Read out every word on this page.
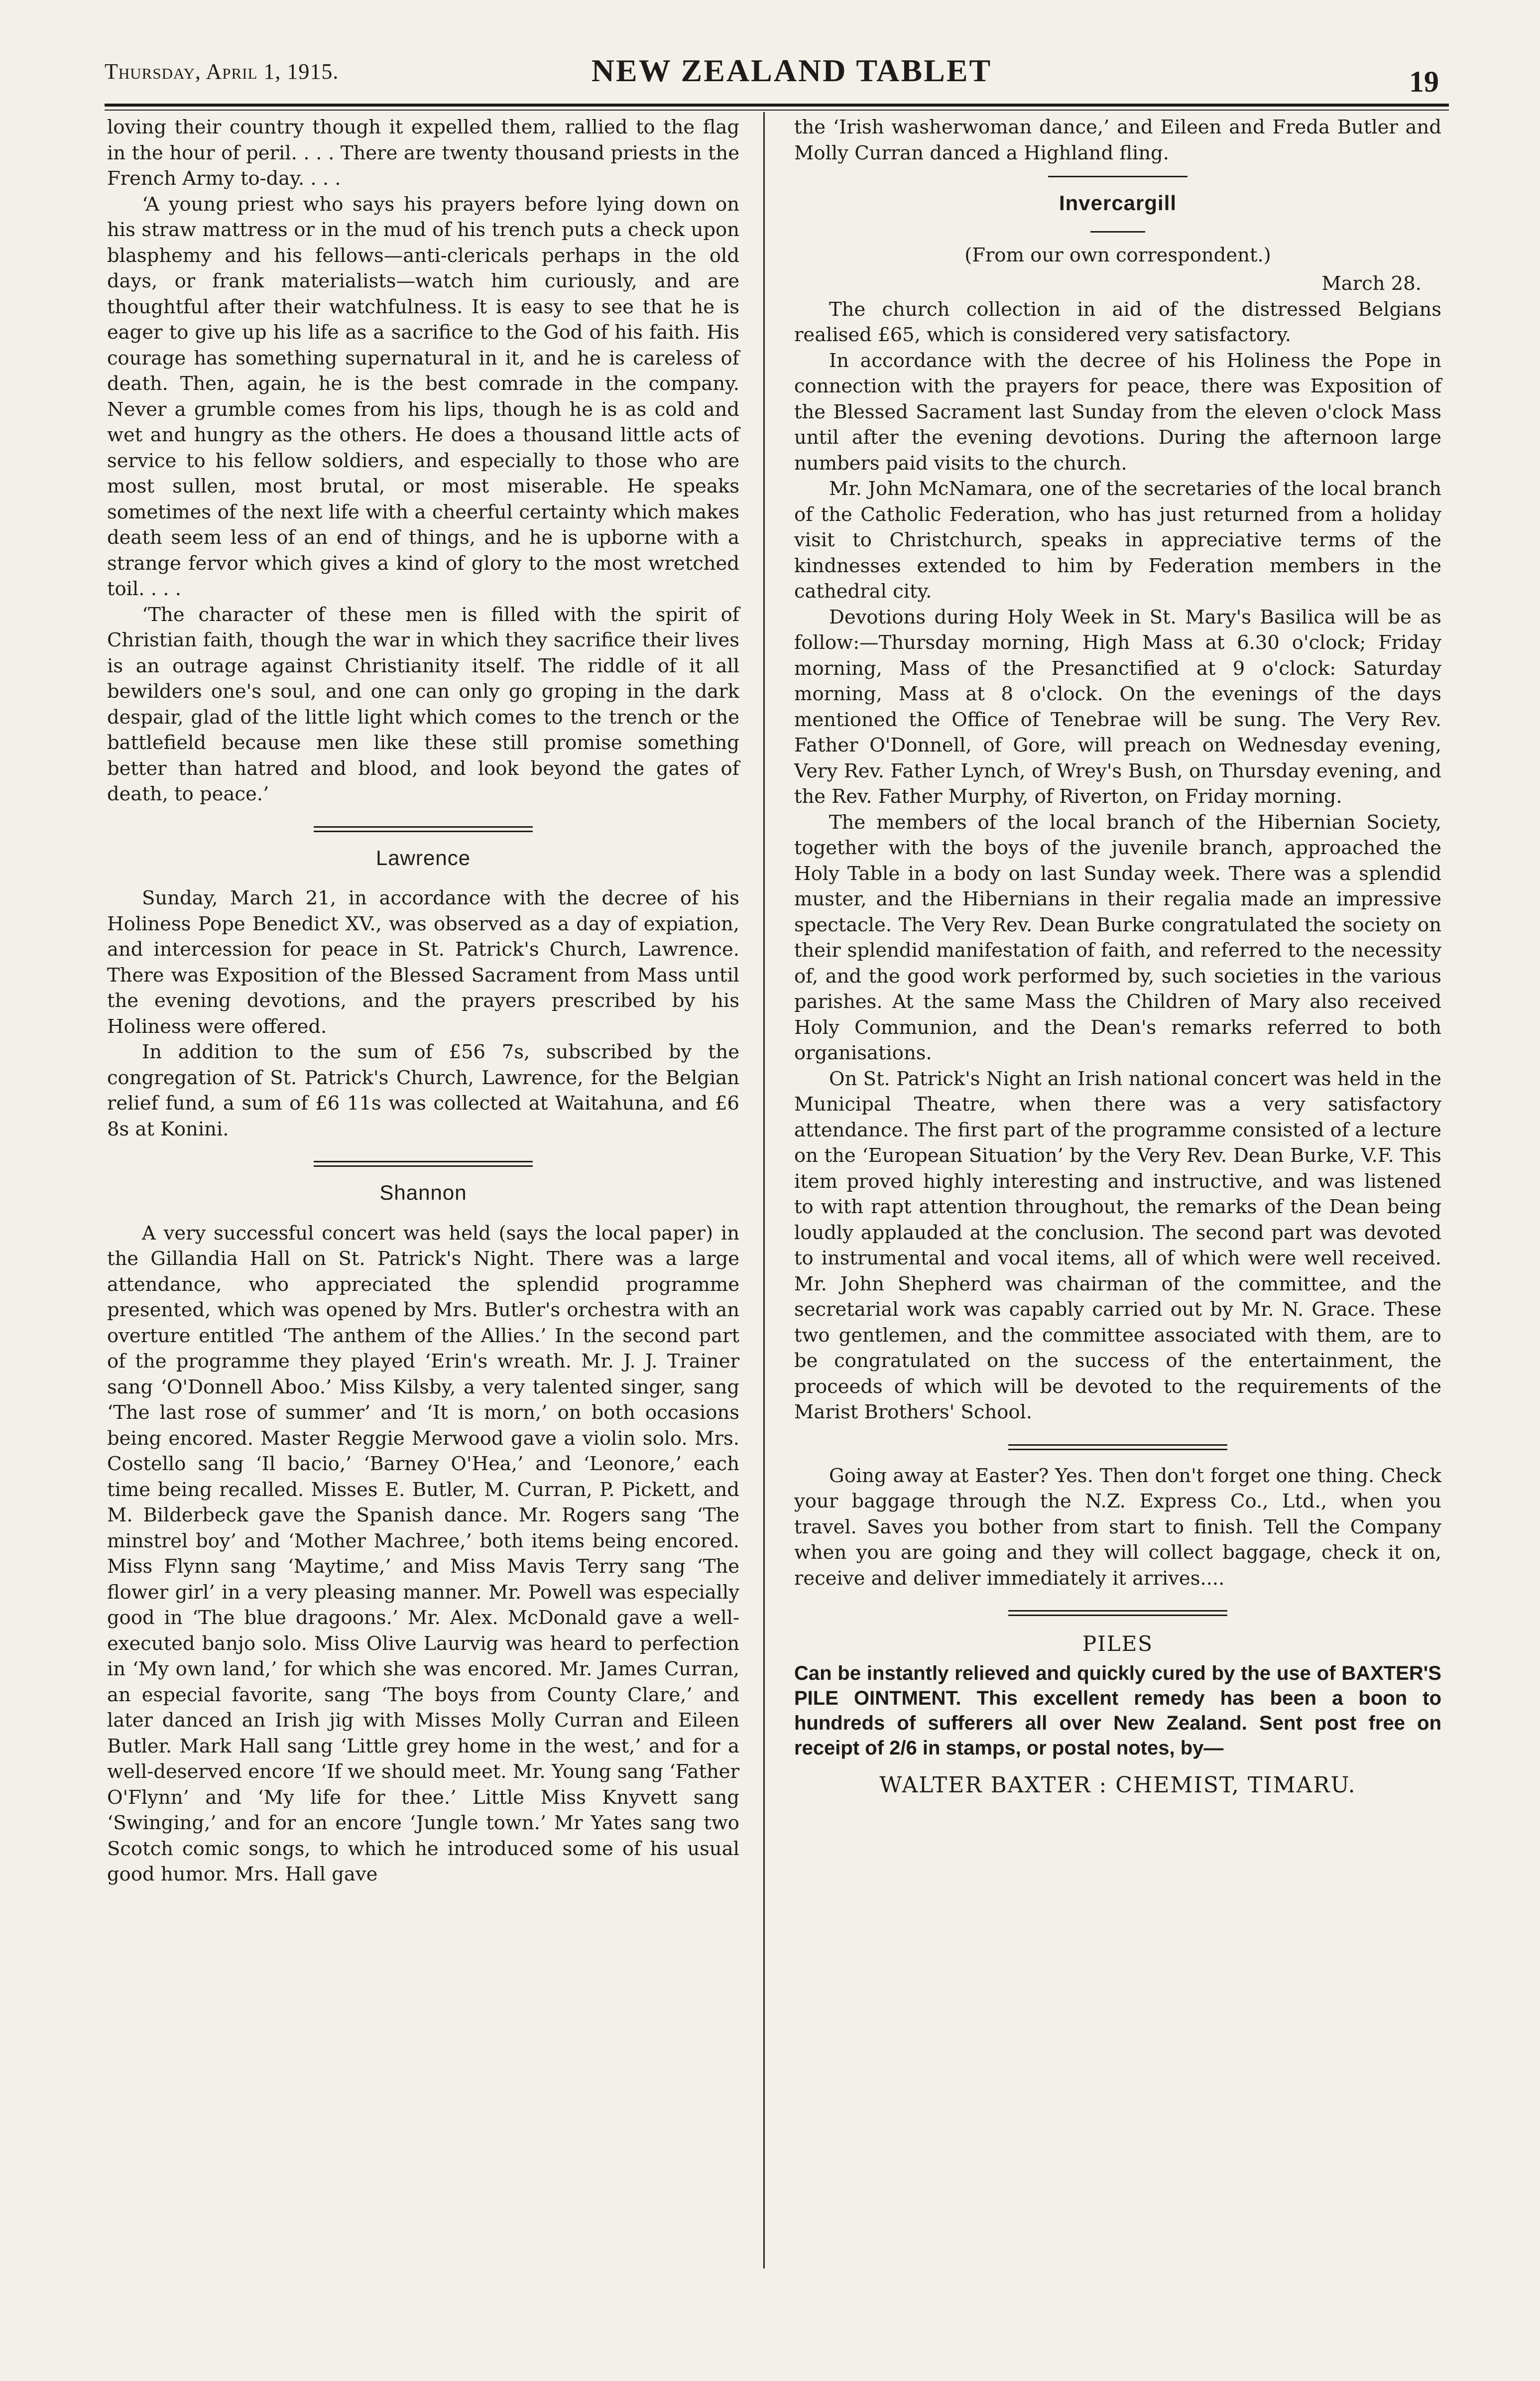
Thursday, April 1, 1915.	NEW ZEALAND TABLET	19

loving their country though it expelled them, rallied to the flag in the hour of peril. . . . There are twenty thousand priests in the French Army to-day. . . .

‘A young priest who says his prayers before lying down on his straw mattress or in the mud of his trench puts a check upon blasphemy and his fellows—anti-clericals perhaps in the old days, or frank materialists—watch him curiously, and are thoughtful after their watchfulness. It is easy to see that he is eager to give up his life as a sacrifice to the God of his faith. His courage has something supernatural in it, and he is careless of death. Then, again, he is the best comrade in the company. Never a grumble comes from his lips, though he is as cold and wet and hungry as the others. He does a thousand little acts of service to his fellow soldiers, and especially to those who are most sullen, most brutal, or most miserable. He speaks sometimes of the next life with a cheerful certainty which makes death seem less of an end of things, and he is upborne with a strange fervor which gives a kind of glory to the most wretched toil. . . .

‘The character of these men is filled with the spirit of Christian faith, though the war in which they sacrifice their lives is an outrage against Christianity itself. The riddle of it all bewilders one's soul, and one can only go groping in the dark despair, glad of the little light which comes to the trench or the battlefield because men like these still promise something better than hatred and blood, and look beyond the gates of death, to peace.’

Lawrence

Sunday, March 21, in accordance with the decree of his Holiness Pope Benedict XV., was observed as a day of expiation, and intercession for peace in St. Patrick's Church, Lawrence. There was Exposition of the Blessed Sacrament from Mass until the evening devotions, and the prayers prescribed by his Holiness were offered.

In addition to the sum of £56 7s, subscribed by the congregation of St. Patrick's Church, Lawrence, for the Belgian relief fund, a sum of £6 11s was collected at Waitahuna, and £6 8s at Konini.

Shannon

A very successful concert was held (says the local paper) in the Gillandia Hall on St. Patrick's Night. There was a large attendance, who appreciated the splendid programme presented, which was opened by Mrs. Butler's orchestra with an overture entitled ‘The anthem of the Allies.’ In the second part of the programme they played ‘Erin's wreath. Mr. J. J. Trainer sang ‘O'Donnell Aboo.’ Miss Kilsby, a very talented singer, sang ‘The last rose of summer’ and ‘It is morn,’ on both occasions being encored. Master Reggie Merwood gave a violin solo. Mrs. Costello sang ‘Il bacio,’ ‘Barney O'Hea,’ and ‘Leonore,’ each time being recalled. Misses E. Butler, M. Curran, P. Pickett, and M. Bilderbeck gave the Spanish dance. Mr. Rogers sang ‘The minstrel boy’ and ‘Mother Machree,’ both items being encored. Miss Flynn sang ‘Maytime,’ and Miss Mavis Terry sang ‘The flower girl’ in a very pleasing manner. Mr. Powell was especially good in ‘The blue dragoons.’ Mr. Alex. McDonald gave a well-executed banjo solo. Miss Olive Laurvig was heard to perfection in ‘My own land,’ for which she was encored. Mr. James Curran, an especial favorite, sang ‘The boys from County Clare,’ and later danced an Irish jig with Misses Molly Curran and Eileen Butler. Mark Hall sang ‘Little grey home in the west,’ and for a well-deserved encore ‘If we should meet. Mr. Young sang ‘Father O'Flynn’ and ‘My life for thee.’ Little Miss Knyvett sang ‘Swinging,’ and for an encore ‘Jungle town.’ Mr Yates sang two Scotch comic songs, to which he introduced some of his usual good humor. Mrs. Hall gave

the ‘Irish washerwoman dance,’ and Eileen and Freda Butler and Molly Curran danced a Highland fling.

Invercargill
(From our own correspondent.)
March 28.

The church collection in aid of the distressed Belgians realised £65, which is considered very satisfactory.

In accordance with the decree of his Holiness the Pope in connection with the prayers for peace, there was Exposition of the Blessed Sacrament last Sunday from the eleven o'clock Mass until after the evening devotions. During the afternoon large numbers paid visits to the church.

Mr. John McNamara, one of the secretaries of the local branch of the Catholic Federation, who has just returned from a holiday visit to Christchurch, speaks in appreciative terms of the kindnesses extended to him by Federation members in the cathedral city.

Devotions during Holy Week in St. Mary's Basilica will be as follow:—Thursday morning, High Mass at 6.30 o'clock; Friday morning, Mass of the Presanctified at 9 o'clock: Saturday morning, Mass at 8 o'clock. On the evenings of the days mentioned the Office of Tenebrae will be sung. The Very Rev. Father O'Donnell, of Gore, will preach on Wednesday evening, Very Rev. Father Lynch, of Wrey's Bush, on Thursday evening, and the Rev. Father Murphy, of Riverton, on Friday morning.

The members of the local branch of the Hibernian Society, together with the boys of the juvenile branch, approached the Holy Table in a body on last Sunday week. There was a splendid muster, and the Hibernians in their regalia made an impressive spectacle. The Very Rev. Dean Burke congratulated the society on their splendid manifestation of faith, and referred to the necessity of, and the good work performed by, such societies in the various parishes. At the same Mass the Children of Mary also received Holy Communion, and the Dean's remarks referred to both organisations.

On St. Patrick's Night an Irish national concert was held in the Municipal Theatre, when there was a very satisfactory attendance. The first part of the programme consisted of a lecture on the ‘European Situation’ by the Very Rev. Dean Burke, V.F. This item proved highly interesting and instructive, and was listened to with rapt attention throughout, the remarks of the Dean being loudly applauded at the conclusion. The second part was devoted to instrumental and vocal items, all of which were well received. Mr. John Shepherd was chairman of the committee, and the secretarial work was capably carried out by Mr. N. Grace. These two gentlemen, and the committee associated with them, are to be congratulated on the success of the entertainment, the proceeds of which will be devoted to the requirements of the Marist Brothers' School.

Going away at Easter? Yes. Then don't forget one thing. Check your baggage through the N.Z. Express Co., Ltd., when you travel. Saves you bother from start to finish. Tell the Company when you are going and they will collect baggage, check it on, receive and deliver immediately it arrives....

PILES
Can be instantly relieved and quickly cured by the use of BAXTER'S PILE OINTMENT. This excellent remedy has been a boon to hundreds of sufferers all over New Zealand. Sent post free on receipt of 2/6 in stamps, or postal notes, by—
WALTER BAXTER : CHEMIST, TIMARU.
